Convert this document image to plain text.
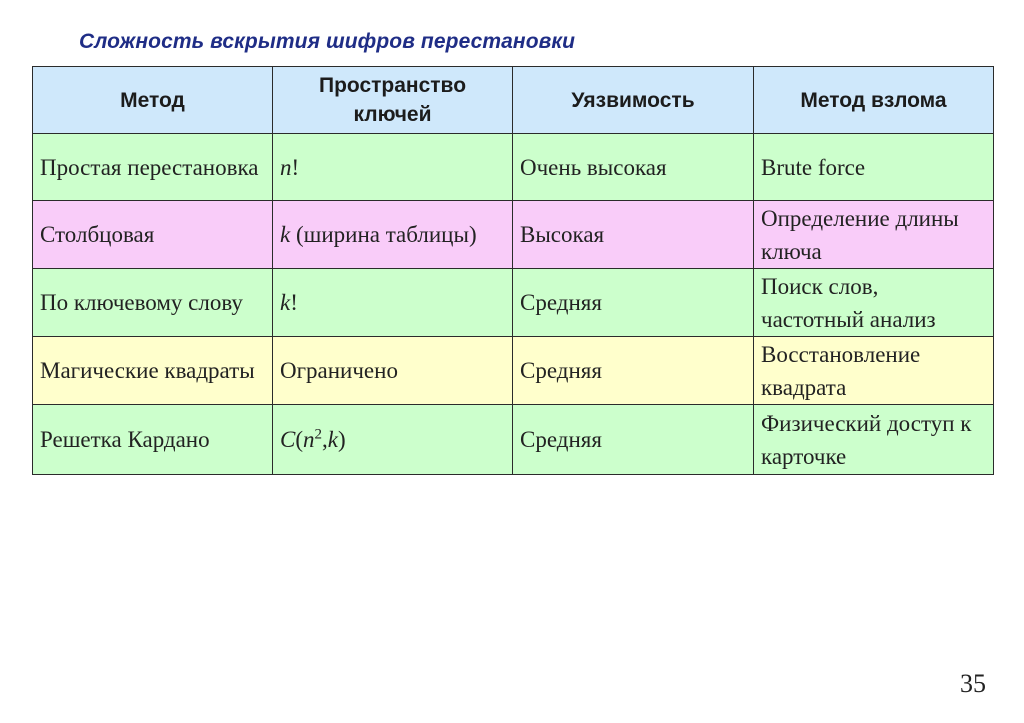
Сложность вскрытия шифров перестановки
Метод	Пространство ключей	Уязвимость	Метод взлома
Простая перестановка	n!	Очень высокая	Brute force
Столбцовая	k (ширина таблицы)	Высокая	Определение длины ключа
По ключевому слову	k!	Средняя	Поиск слов, частотный анализ
Магические квадраты	Ограничено	Средняя	Восстановление квадрата
Решетка Кардано	$C(n^2,k)$	Средняя	Физический доступ к карточке
35
